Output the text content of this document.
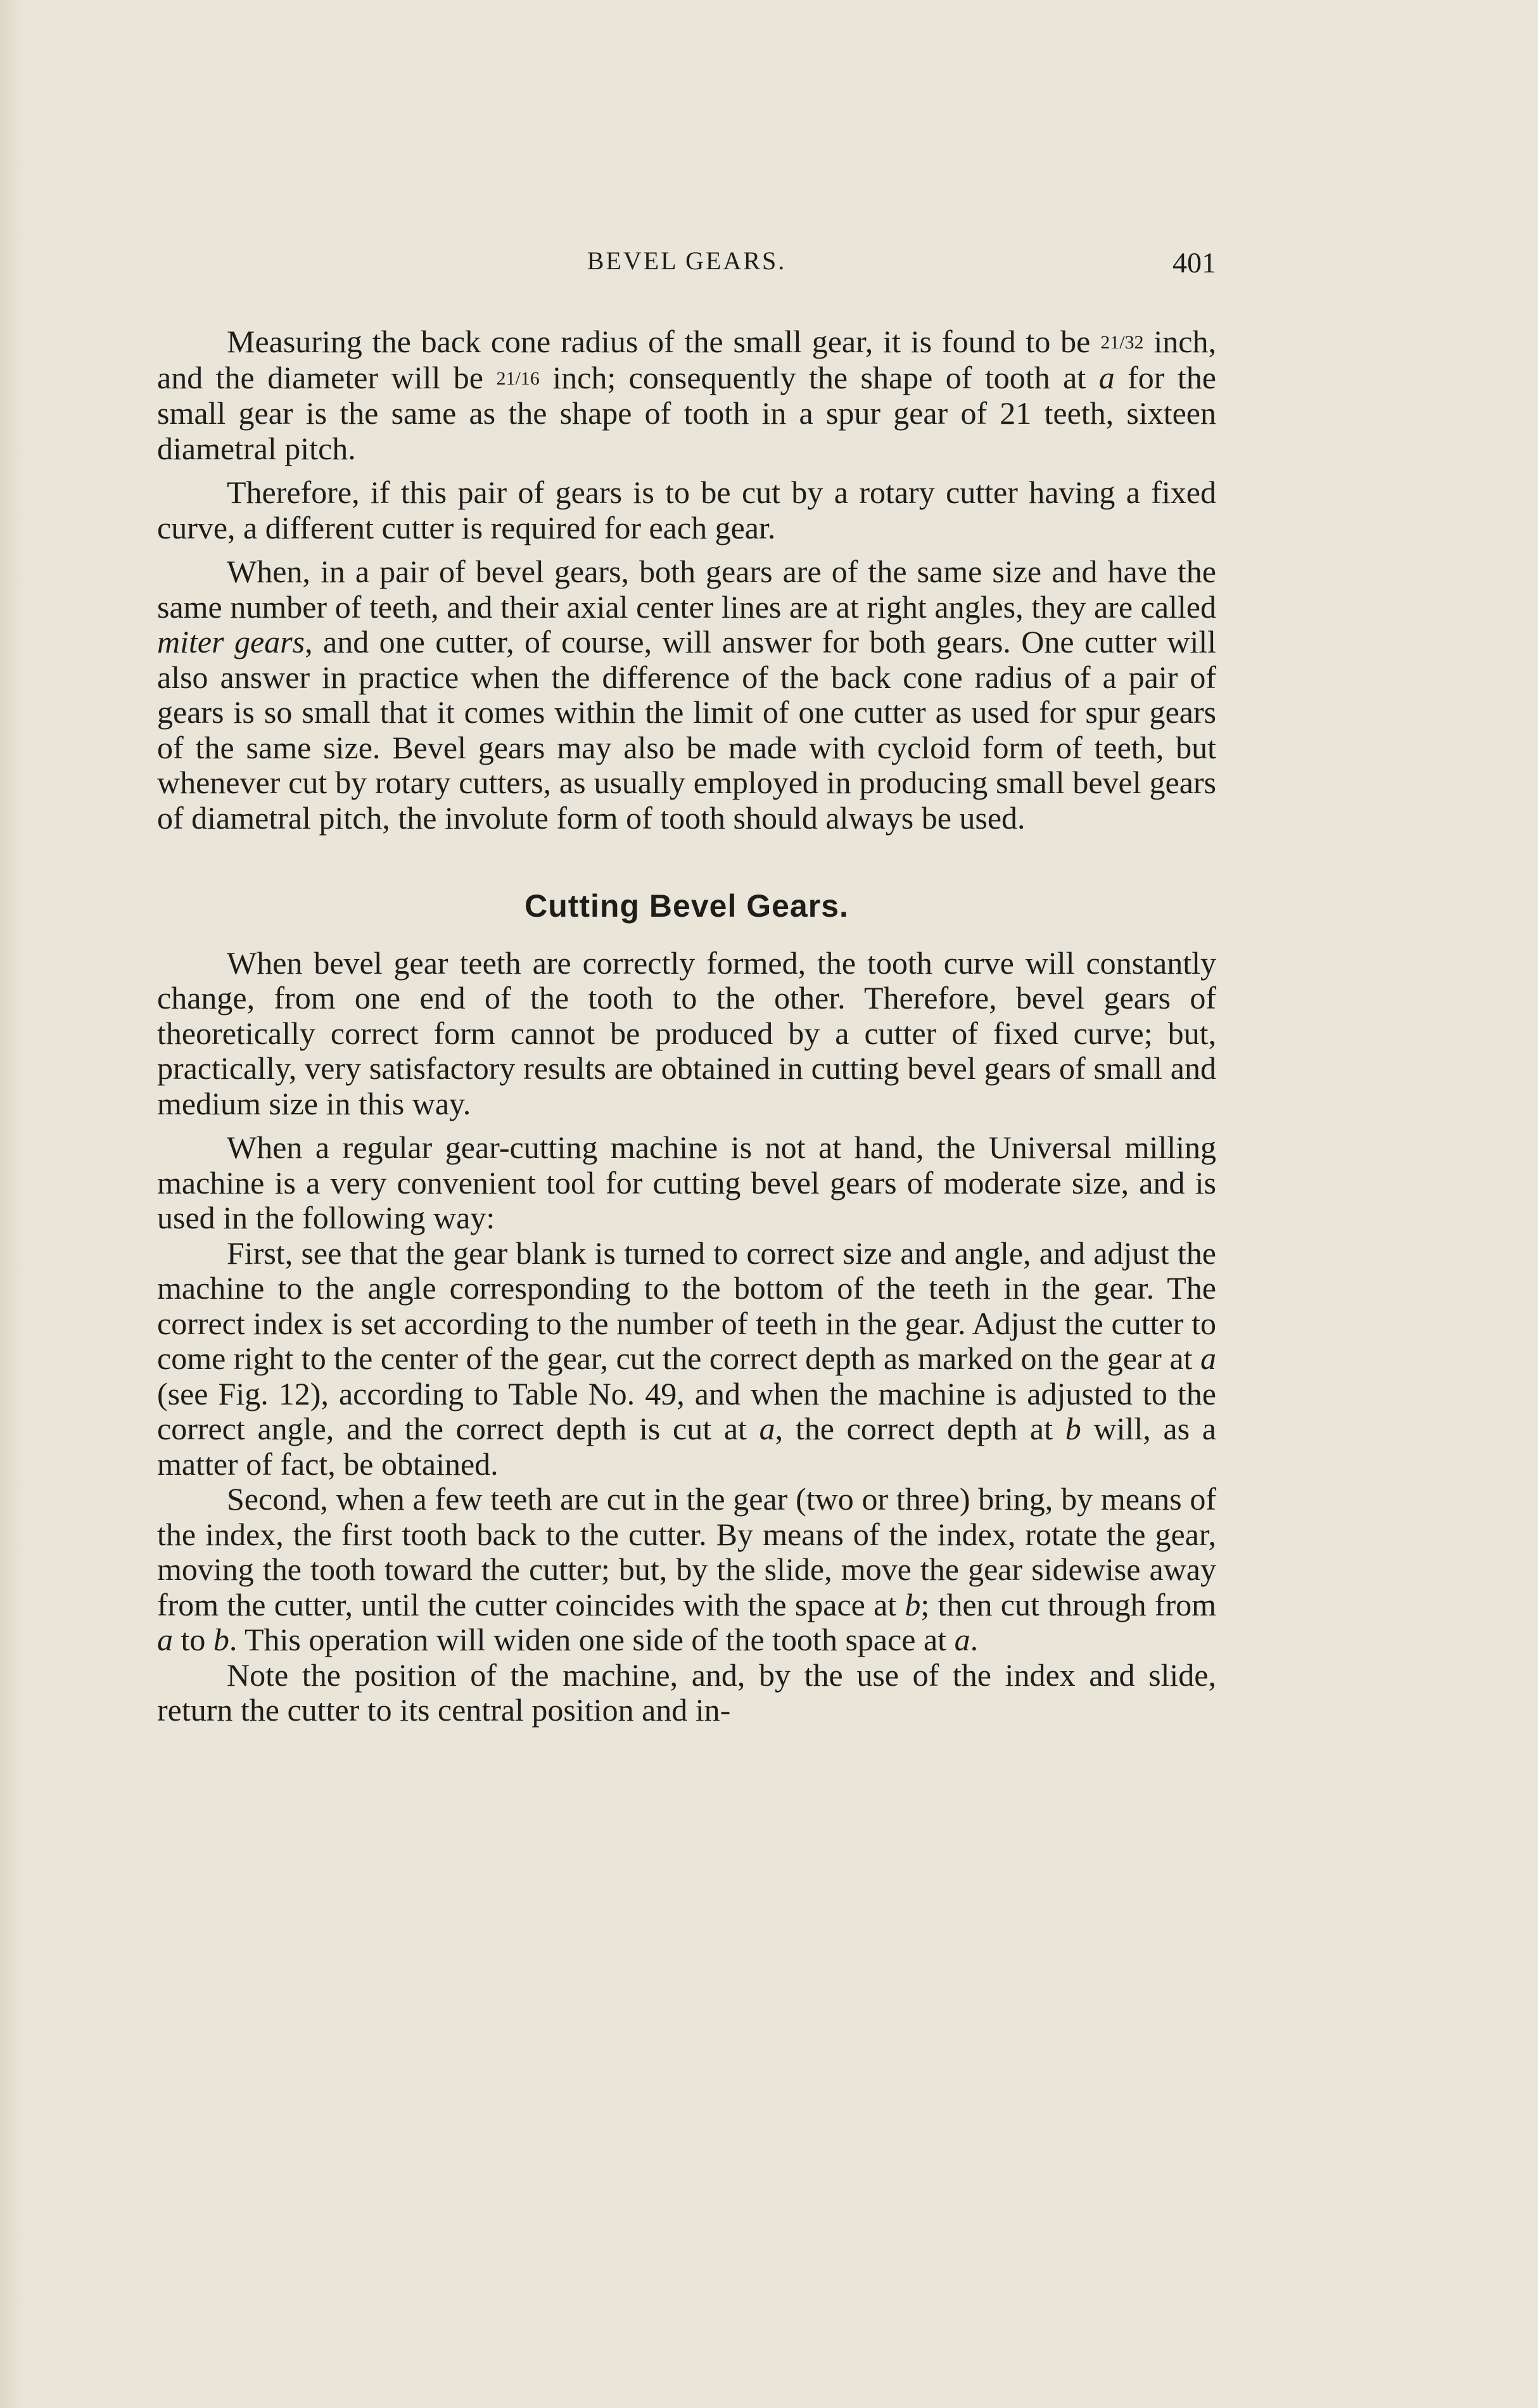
BEVEL GEARS.	401

Measuring the back cone radius of the small gear, it is found to be 21/32 inch, and the diameter will be 21/16 inch; consequently the shape of tooth at a for the small gear is the same as the shape of tooth in a spur gear of 21 teeth, sixteen diametral pitch.

Therefore, if this pair of gears is to be cut by a rotary cutter having a fixed curve, a different cutter is required for each gear.

When, in a pair of bevel gears, both gears are of the same size and have the same number of teeth, and their axial center lines are at right angles, they are called miter gears, and one cutter, of course, will answer for both gears. One cutter will also answer in practice when the difference of the back cone radius of a pair of gears is so small that it comes within the limit of one cutter as used for spur gears of the same size. Bevel gears may also be made with cycloid form of teeth, but whenever cut by rotary cutters, as usually employed in producing small bevel gears of diametral pitch, the involute form of tooth should always be used.

Cutting Bevel Gears.

When bevel gear teeth are correctly formed, the tooth curve will constantly change, from one end of the tooth to the other. Therefore, bevel gears of theoretically correct form cannot be produced by a cutter of fixed curve; but, practically, very satisfactory results are obtained in cutting bevel gears of small and medium size in this way.

When a regular gear-cutting machine is not at hand, the Universal milling machine is a very convenient tool for cutting bevel gears of moderate size, and is used in the following way:

First, see that the gear blank is turned to correct size and angle, and adjust the machine to the angle corresponding to the bottom of the teeth in the gear. The correct index is set according to the number of teeth in the gear. Adjust the cutter to come right to the center of the gear, cut the correct depth as marked on the gear at a (see Fig. 12), according to Table No. 49, and when the machine is adjusted to the correct angle, and the correct depth is cut at a, the correct depth at b will, as a matter of fact, be obtained.

Second, when a few teeth are cut in the gear (two or three) bring, by means of the index, the first tooth back to the cutter. By means of the index, rotate the gear, moving the tooth toward the cutter; but, by the slide, move the gear sidewise away from the cutter, until the cutter coincides with the space at b; then cut through from a to b. This operation will widen one side of the tooth space at a.

Note the position of the machine, and, by the use of the index and slide, return the cutter to its central position and in-
